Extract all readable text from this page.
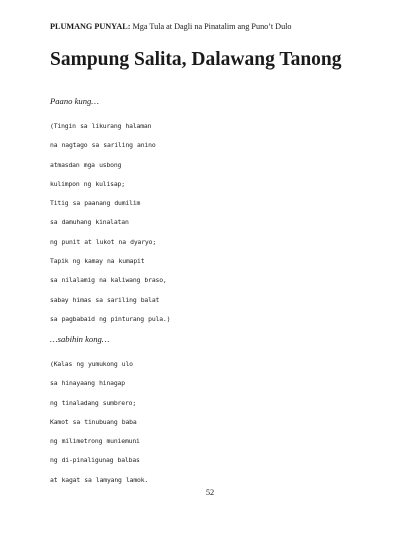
PLUMANG PUNYAL: Mga Tula at Dagli na Pinatalim ang Puno’t Dulo
Sampung Salita, Dalawang Tanong
Paano kung…
(Tingin sa likurang halaman
na nagtago sa sariling anino
atmasdan mga usbong
kulimpon ng kulisap;
Titig sa paanang dumilim
sa damuhang kinalatan
ng punit at lukot na dyaryo;
Tapik ng kamay na kumapit
sa nilalamig na kaliwang braso,
sabay himas sa sariling balat
sa pagbabaid ng pinturang pula.)
…sabihin kong…
(Kalas ng yumukong ulo
sa hinayaang hinagap
ng tinaladang sumbrero;
Kamot sa tinubuang baba
ng milimetrong muniemuni
ng di-pinaligunag balbas
at kagat sa lamyang lamok.
52
